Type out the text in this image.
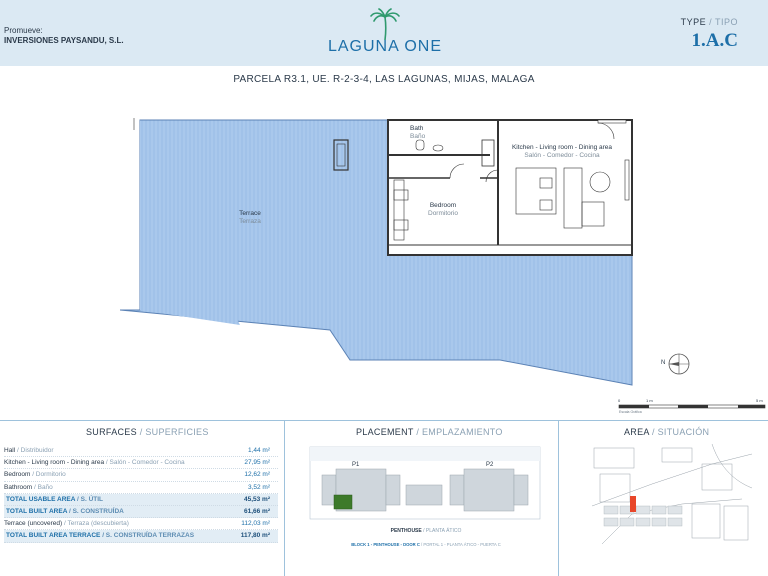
Promueve:
INVERSIONES PAYSANDU, S.L.	LAGUNA ONE
TYPE / TIPO
1.A.C
PARCELA R3.1, UE. R-2-3-4, LAS LAGUNAS, MIJAS, MALAGA
Terrace
Terraza
Bath
Baño
Bedroom
Dormitorio
Kitchen - Living room - Dining area
Salón - Comedor - Cocina
N
0	1 m	5 m
Escala Gráfica
SURFACES / SUPERFICIES
Hall / Distribuidor	1,44 m²
Kitchen - Living room - Dining area / Salón - Comedor - Cocina	27,95 m²
Bedroom / Dormitorio	12,62 m²
Bathroom / Baño	3,52 m²
TOTAL USABLE AREA / S. ÚTIL	45,53 m²
TOTAL BUILT AREA / S. CONSTRUÍDA	61,66 m²
Terrace (uncovered) / Terraza (descubierta)	112,03 m²
TOTAL BUILT AREA TERRACE / S. CONSTRUÍDA TERRAZAS	117,80 m²
PLACEMENT / EMPLAZAMIENTO
P1	P2
PENTHOUSE / PLANTA ÁTICO
BLOCK 1 - PENTHOUSE - DOOR C / PORTAL 1 - PLANTA ÁTICO - PUERTA C
AREA / SITUACIÓN
